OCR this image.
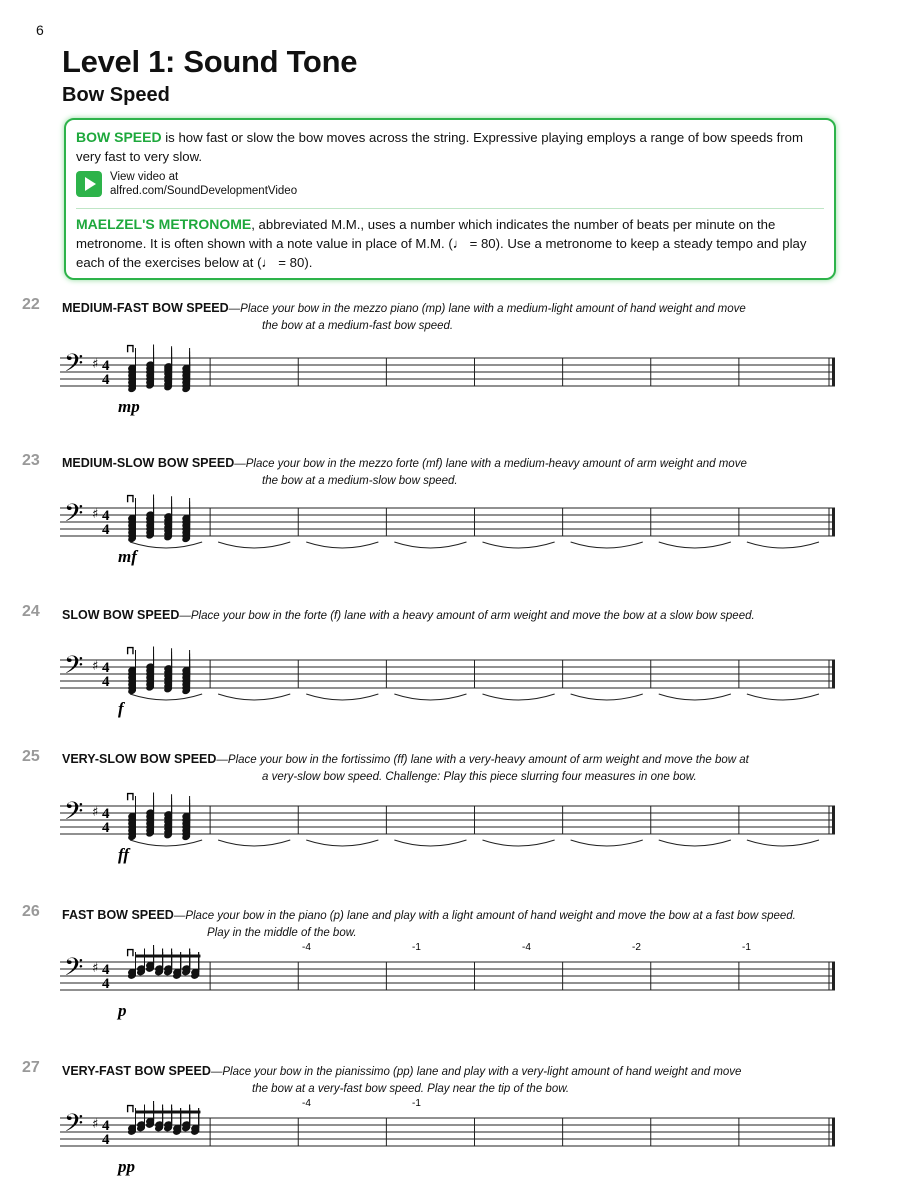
6
Level 1: Sound Tone
Bow Speed
BOW SPEED is how fast or slow the bow moves across the string. Expressive playing employs a range of bow speeds from very fast to very slow.
View video at
alfred.com/SoundDevelopmentVideo
MAELZEL'S METRONOME, abbreviated M.M., uses a number which indicates the number of beats per minute on the metronome. It is often shown with a note value in place of M.M. (♩ = 80). Use a metronome to keep a steady tempo and play each of the exercises below at (♩ = 80).
22 MEDIUM-FAST BOW SPEED—Place your bow in the mezzo piano (mp) lane with a medium-light amount of hand weight and move
the bow at a medium-fast bow speed.
𝄢 ♯ 4
4
⊓
mp
23 MEDIUM-SLOW BOW SPEED—Place your bow in the mezzo forte (mf) lane with a medium-heavy amount of arm weight and move
the bow at a medium-slow bow speed.
𝄢 ♯ 4
4
⊓
mf
24 SLOW BOW SPEED—Place your bow in the forte (f) lane with a heavy amount of arm weight and move the bow at a slow bow speed.
𝄢 ♯ 4
4
⊓
f
25 VERY-SLOW BOW SPEED—Place your bow in the fortissimo (ff) lane with a very-heavy amount of arm weight and move the bow at
a very-slow bow speed. Challenge: Play this piece slurring four measures in one bow.
𝄢 ♯ 4
4
⊓
ff
26 FAST BOW SPEED—Place your bow in the piano (p) lane and play with a light amount of hand weight and move the bow at a fast bow speed.
Play in the middle of the bow.
𝄢 ♯ 4
4
⊓
p
-4	-1	-4	-2	-1
27 VERY-FAST BOW SPEED—Place your bow in the pianissimo (pp) lane and play with a very-light amount of hand weight and move
the bow at a very-fast bow speed. Play near the tip of the bow.
𝄢 ♯ 4
4
⊓
pp
-4	-1
